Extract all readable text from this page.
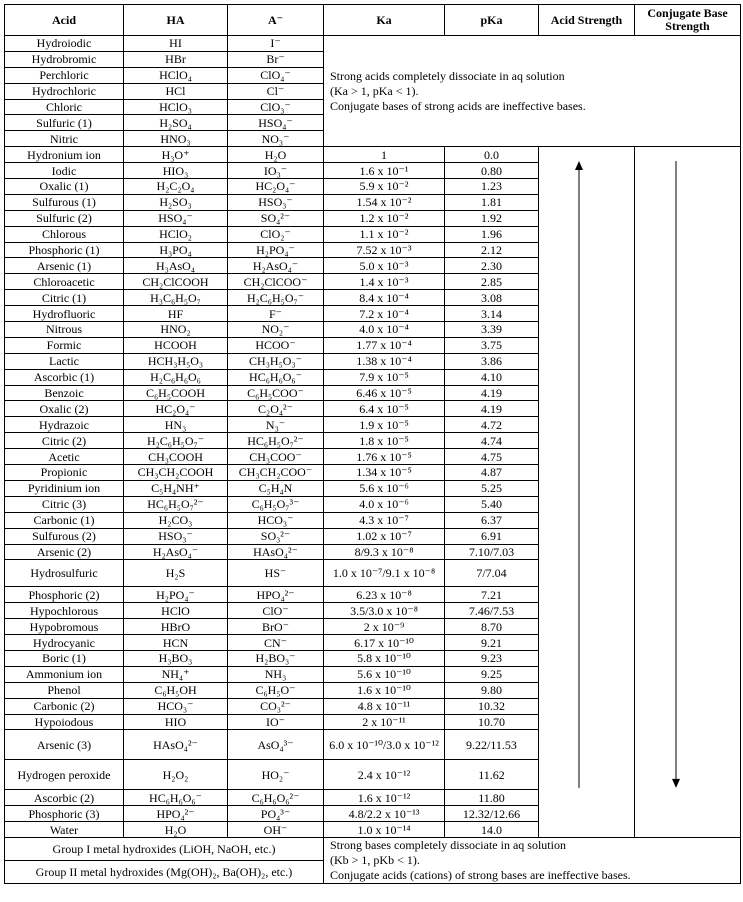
Acid	HA	A⁻	Ka	pKa	Acid Strength	Conjugate Base Strength
Hydroiodic	HI	I⁻	Strong acids completely dissociate in aq solution
(Ka > 1, pKa < 1).
Conjugate bases of strong acids are ineffective bases.			

Hydrobromic	HBr	Br⁻				
Perchloric	HClO₄	ClO₄⁻				
Hydrochloric	HCl	Cl⁻				
Chloric	HClO₃	ClO₃⁻				
Sulfuric (1)	H₂SO₄	HSO₄⁻				
Nitric	HNO₃	NO₃⁻				
Hydronium ion	H₃O⁺	H₂O	1	0.0	

Iodic	HIO₃	IO₃⁻	1.6 x 10⁻¹	0.80		
Oxalic (1)	H₂C₂O₄	HC₂O₄⁻	5.9 x 10⁻²	1.23		
Sulfurous (1)	H₂SO₃	HSO₃⁻	1.54 x 10⁻²	1.81		
Sulfuric (2)	HSO₄⁻	SO₄²⁻	1.2 x 10⁻²	1.92		
Chlorous	HClO₂	ClO₂⁻	1.1 x 10⁻²	1.96		
Phosphoric (1)	H₃PO₄	H₂PO₄⁻	7.52 x 10⁻³	2.12		
Arsenic (1)	H₃AsO₄	H₂AsO₄⁻	5.0 x 10⁻³	2.30		
Chloroacetic	CH₂ClCOOH	CH₂ClCOO⁻	1.4 x 10⁻³	2.85		
Citric (1)	H₃C₆H₅O₇	H₂C₆H₅O₇⁻	8.4 x 10⁻⁴	3.08		
Hydrofluoric	HF	F⁻	7.2 x 10⁻⁴	3.14		
Nitrous	HNO₂	NO₂⁻	4.0 x 10⁻⁴	3.39		
Formic	HCOOH	HCOO⁻	1.77 x 10⁻⁴	3.75		
Lactic	HCH₃H₅O₃	CH₃H₅O₃⁻	1.38 x 10⁻⁴	3.86		
Ascorbic (1)	H₂C₆H₆O₆	HC₆H₆O₆⁻	7.9 x 10⁻⁵	4.10		
Benzoic	C₆H₅COOH	C₆H₅COO⁻	6.46 x 10⁻⁵	4.19		
Oxalic (2)	HC₂O₄⁻	C₂O₄²⁻	6.4 x 10⁻⁵	4.19		
Hydrazoic	HN₃	N₃⁻	1.9 x 10⁻⁵	4.72		
Citric (2)	H₂C₆H₅O₇⁻	HC₆H₅O₇²⁻	1.8 x 10⁻⁵	4.74		
Acetic	CH₃COOH	CH₃COO⁻	1.76 x 10⁻⁵	4.75		
Propionic	CH₃CH₂COOH	CH₃CH₂COO⁻	1.34 x 10⁻⁵	4.87		
Pyridinium ion	C₅H₄NH⁺	C₅H₄N	5.6 x 10⁻⁶	5.25		
Citric (3)	HC₆H₅O₇²⁻	C₆H₅O₇³⁻	4.0 x 10⁻⁶	5.40		
Carbonic (1)	H₂CO₃	HCO₃⁻	4.3 x 10⁻⁷	6.37		
Sulfurous (2)	HSO₃⁻	SO₃²⁻	1.02 x 10⁻⁷	6.91		
Arsenic (2)	H₂AsO₄⁻	HAsO₄²⁻	8/9.3 x 10⁻⁸	7.10/7.03		
Hydrosulfuric	H₂S	HS⁻	1.0 x 10⁻⁷/9.1 x 10⁻⁸	7/7.04		
Phosphoric (2)	H₂PO₄⁻	HPO₄²⁻	6.23 x 10⁻⁸	7.21		
Hypochlorous	HClO	ClO⁻	3.5/3.0 x 10⁻⁸	7.46/7.53		
Hypobromous	HBrO	BrO⁻	2 x 10⁻⁹	8.70		
Hydrocyanic	HCN	CN⁻	6.17 x 10⁻¹⁰	9.21		
Boric (1)	H₃BO₃	H₂BO₃⁻	5.8 x 10⁻¹⁰	9.23		
Ammonium ion	NH₄⁺	NH₃	5.6 x 10⁻¹⁰	9.25		
Phenol	C₆H₅OH	C₆H₅O⁻	1.6 x 10⁻¹⁰	9.80		
Carbonic (2)	HCO₃⁻	CO₃²⁻	4.8 x 10⁻¹¹	10.32		
Hypoiodous	HIO	IO⁻	2 x 10⁻¹¹	10.70		
Arsenic (3)	HAsO₄²⁻	AsO₄³⁻	6.0 x 10⁻¹⁰/3.0 x 10⁻¹²	9.22/11.53		
Hydrogen peroxide	H₂O₂	HO₂⁻	2.4 x 10⁻¹²	11.62		
Ascorbic (2)	HC₆H₆O₆⁻	C₆H₆O₆²⁻	1.6 x 10⁻¹²	11.80		
Phosphoric (3)	HPO₄²⁻	PO₄³⁻	4.8/2.2 x 10⁻¹³	12.32/12.66		
Water	H₂O	OH⁻	1.0 x 10⁻¹⁴	14.0		
Group I metal hydroxides (LiOH, NaOH, etc.)			Strong bases completely dissociate in aq solution
(Kb > 1, pKb < 1).
Conjugate acids (cations) of strong bases are ineffective bases.			

Group II metal hydroxides (Mg(OH)₂, Ba(OH)₂, etc.)						
